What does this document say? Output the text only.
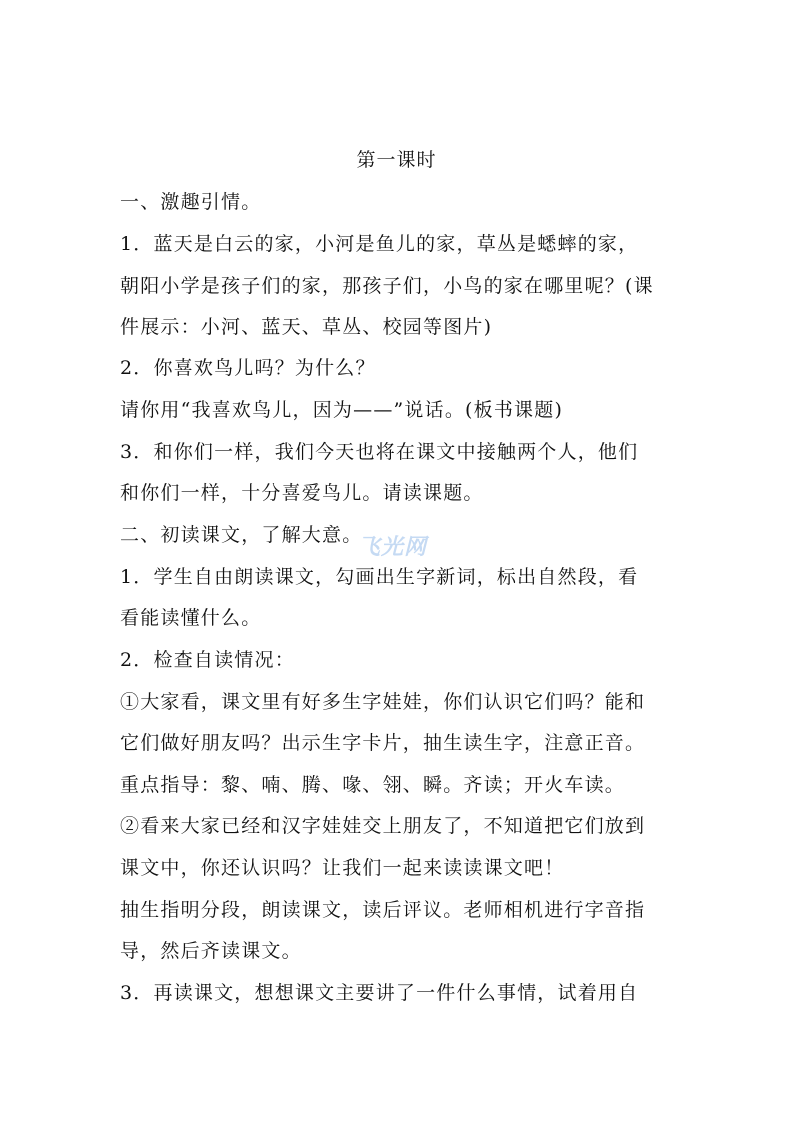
第一课时
一、激趣引情。
1．蓝天是白云的家，小河是鱼儿的家，草丛是蟋蟀的家，
朝阳小学是孩子们的家，那孩子们，小鸟的家在哪里呢？(课
件展示：小河、蓝天、草丛、校园等图片)
2．你喜欢鸟儿吗？为什么？
请你用“我喜欢鸟儿，因为——”说话。(板书课题)
3．和你们一样，我们今天也将在课文中接触两个人，他们
和你们一样，十分喜爱鸟儿。请读课题。
二、初读课文，了解大意。
1．学生自由朗读课文，勾画出生字新词，标出自然段，看
看能读懂什么。
2．检查自读情况：
①大家看，课文里有好多生字娃娃，你们认识它们吗？能和
它们做好朋友吗？出示生字卡片，抽生读生字，注意正音。
重点指导：黎、喃、腾、喙、翎、瞬。齐读；开火车读。
②看来大家已经和汉字娃娃交上朋友了，不知道把它们放到
课文中，你还认识吗？让我们一起来读读课文吧！
抽生指明分段，朗读课文，读后评议。老师相机进行字音指
导，然后齐读课文。
3．再读课文，想想课文主要讲了一件什么事情，试着用自
飞光网
